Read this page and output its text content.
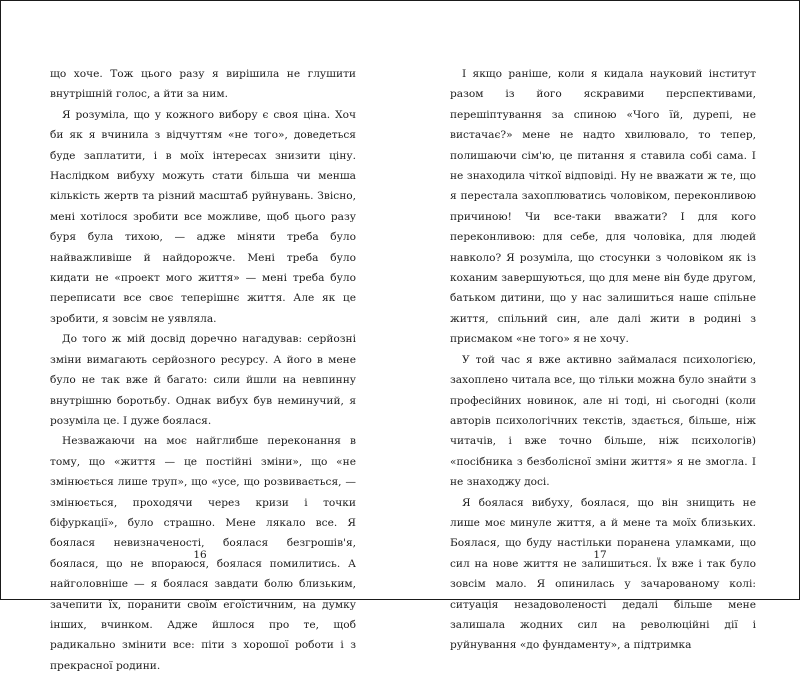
що хоче. Тож цього разу я вирішила не глушити внутрішній голос, а йти за ним.

Я розуміла, що у кожного вибору є своя ціна. Хоч би як я вчинила з відчуттям «не того», доведеться буде заплатити, і в моїх інтересах знизити ціну. Наслідком вибуху можуть стати більша чи менша кількість жертв та різний масштаб руйнувань. Звісно, мені хотілося зробити все можливе, щоб цього разу буря була тихою, — адже міняти треба було найважливіше й найдорожче. Мені треба було кидати не «проект мого життя» — мені треба було переписати все своє теперішнє життя. Але як це зробити, я зовсім не уявляла.

До того ж мій досвід доречно нагадував: серйозні зміни вимагають серйозного ресурсу. А його в мене було не так вже й багато: сили йшли на невпинну внутрішню боротьбу. Однак вибух був неминучий, я розуміла це. І дуже боялася.

Незважаючи на моє найглибше переконання в тому, що «життя — це постійні зміни», що «не змінюється лише труп», що «усе, що розвивається, — змінюється, проходячи через кризи і точки біфуркації», було страшно. Мене лякало все. Я боялася невизначеності, боялася безгрошів'я, боялася, що не впораюся, боялася помилитись. А найголовніше — я боялася завдати болю близьким, зачепити їх, поранити своїм егоїстичним, на думку інших, вчинком. Адже йшлося про те, щоб радикально змінити все: піти з хорошої роботи і з прекрасної родини.

І якщо раніше, коли я кидала науковий інститут разом із його яскравими перспективами, перешіптування за спиною «Чого їй, дурепі, не вистачає?» мене не надто хвилювало, то тепер, полишаючи сім'ю, це питання я ставила собі сама. І не знаходила чіткої відповіді. Ну не вважати ж те, що я перестала захоплюватись чоловіком, переконливою причиною! Чи все-таки вважати? І для кого переконливою: для себе, для чоловіка, для людей навколо? Я розуміла, що стосунки з чоловіком як із коханим завершуються, що для мене він буде другом, батьком дитини, що у нас залишиться наше спільне життя, спільний син, але далі жити в родині з присмаком «не того» я не хочу.

У той час я вже активно займалася психологією, захоплено читала все, що тільки можна було знайти з професійних новинок, але ні тоді, ні сьогодні (коли авторів психологічних текстів, здається, більше, ніж читачів, і вже точно більше, ніж психологів) «посібника з безболісної зміни життя» я не змогла. І не знаходжу досі.

Я боялася вибуху, боялася, що він знищить не лише моє минуле життя, а й мене та моїх близьких. Боялася, що буду настільки поранена уламками, що сил на нове життя не залишиться. Їх вже і так було зовсім мало. Я опинилась у зачарованому колі: ситуація незадоволеності дедалі більше мене залишала жодних сил на революційні дії і руйнування «до фундаменту», а підтримка

16	17
